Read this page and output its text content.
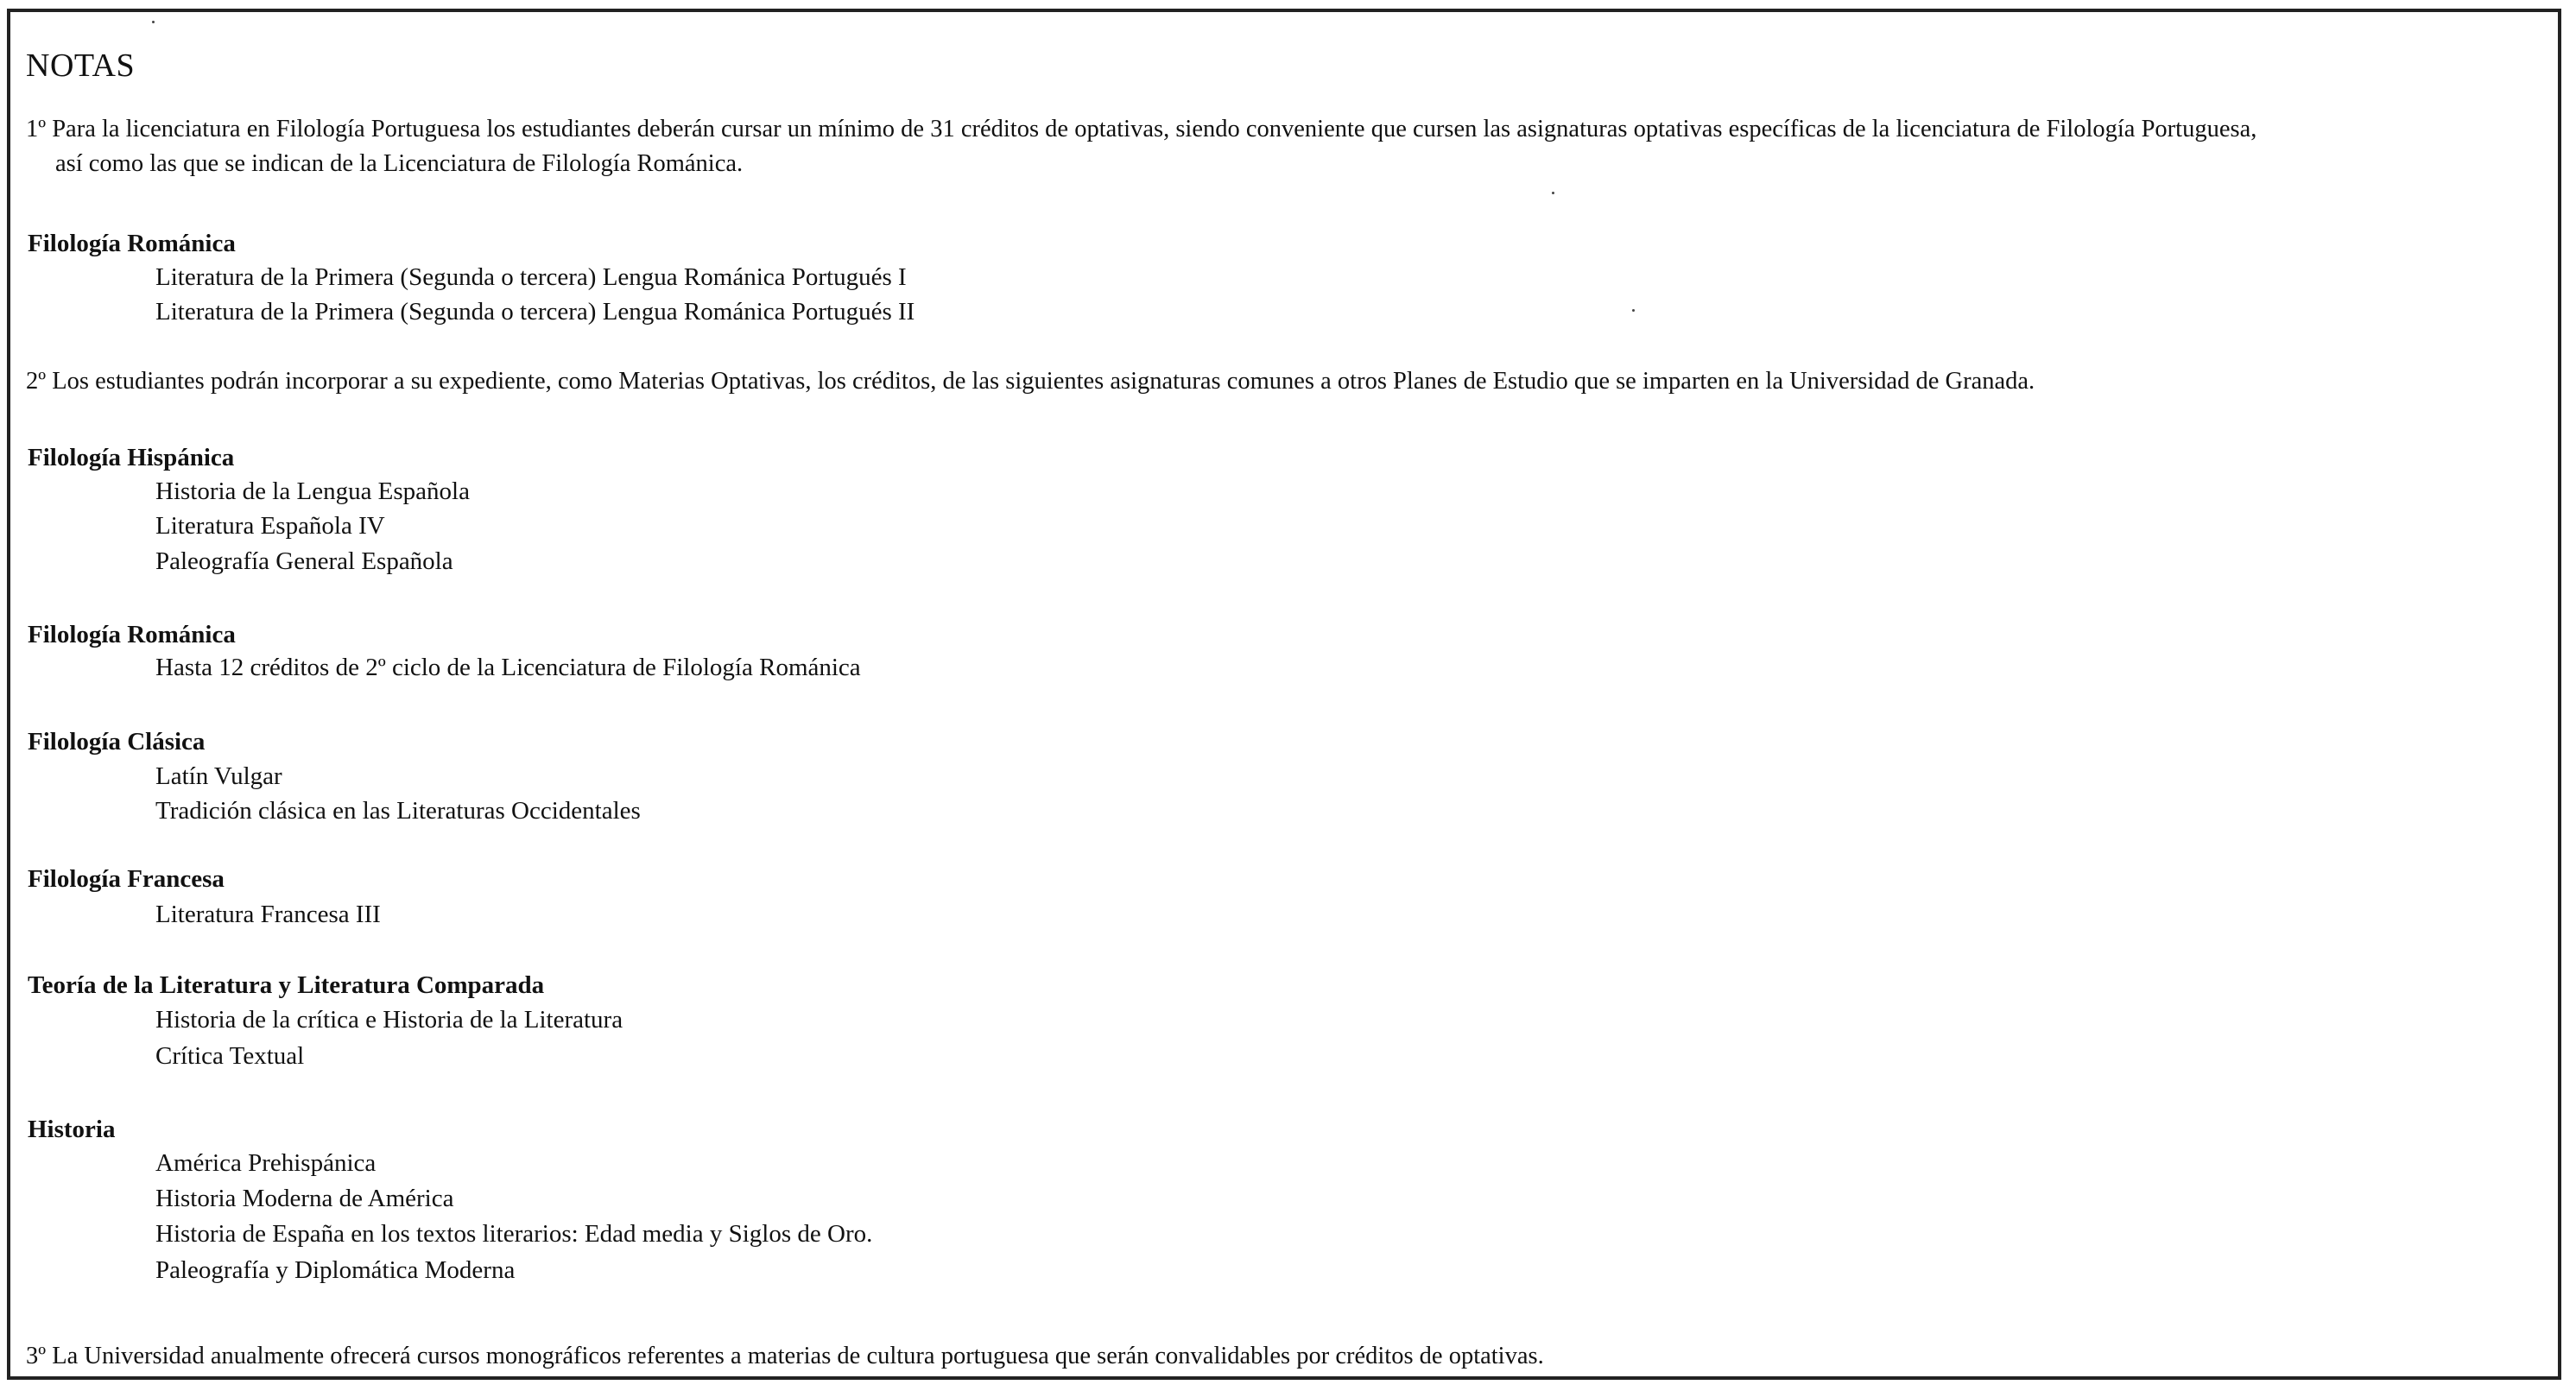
NOTAS
1º Para la licenciatura en Filología Portuguesa los estudiantes deberán cursar un mínimo de 31 créditos de optativas, siendo conveniente que cursen las asignaturas optativas específicas de la licenciatura de Filología Portuguesa,
así como las que se indican de la Licenciatura de Filología Románica.
Filología Románica
Literatura de la Primera (Segunda o tercera) Lengua Románica Portugués I
Literatura de la Primera (Segunda o tercera) Lengua Románica Portugués II
2º Los estudiantes podrán incorporar a su expediente, como Materias Optativas, los créditos, de las siguientes asignaturas comunes a otros Planes de Estudio que se imparten en la Universidad de Granada.
Filología Hispánica
Historia de la Lengua Española
Literatura Española IV
Paleografía General Española
Filología Románica
Hasta 12 créditos de 2º ciclo de la Licenciatura de Filología Románica
Filología Clásica
Latín Vulgar
Tradición clásica en las Literaturas Occidentales
Filología Francesa
Literatura Francesa III
Teoría de la Literatura y Literatura Comparada
Historia de la crítica e Historia de la Literatura
Crítica Textual
Historia
América Prehispánica
Historia Moderna de América
Historia de España en los textos literarios: Edad media y Siglos de Oro.
Paleografía y Diplomática Moderna
3º La Universidad anualmente ofrecerá cursos monográficos referentes a materias de cultura portuguesa que serán convalidables por créditos de optativas.
